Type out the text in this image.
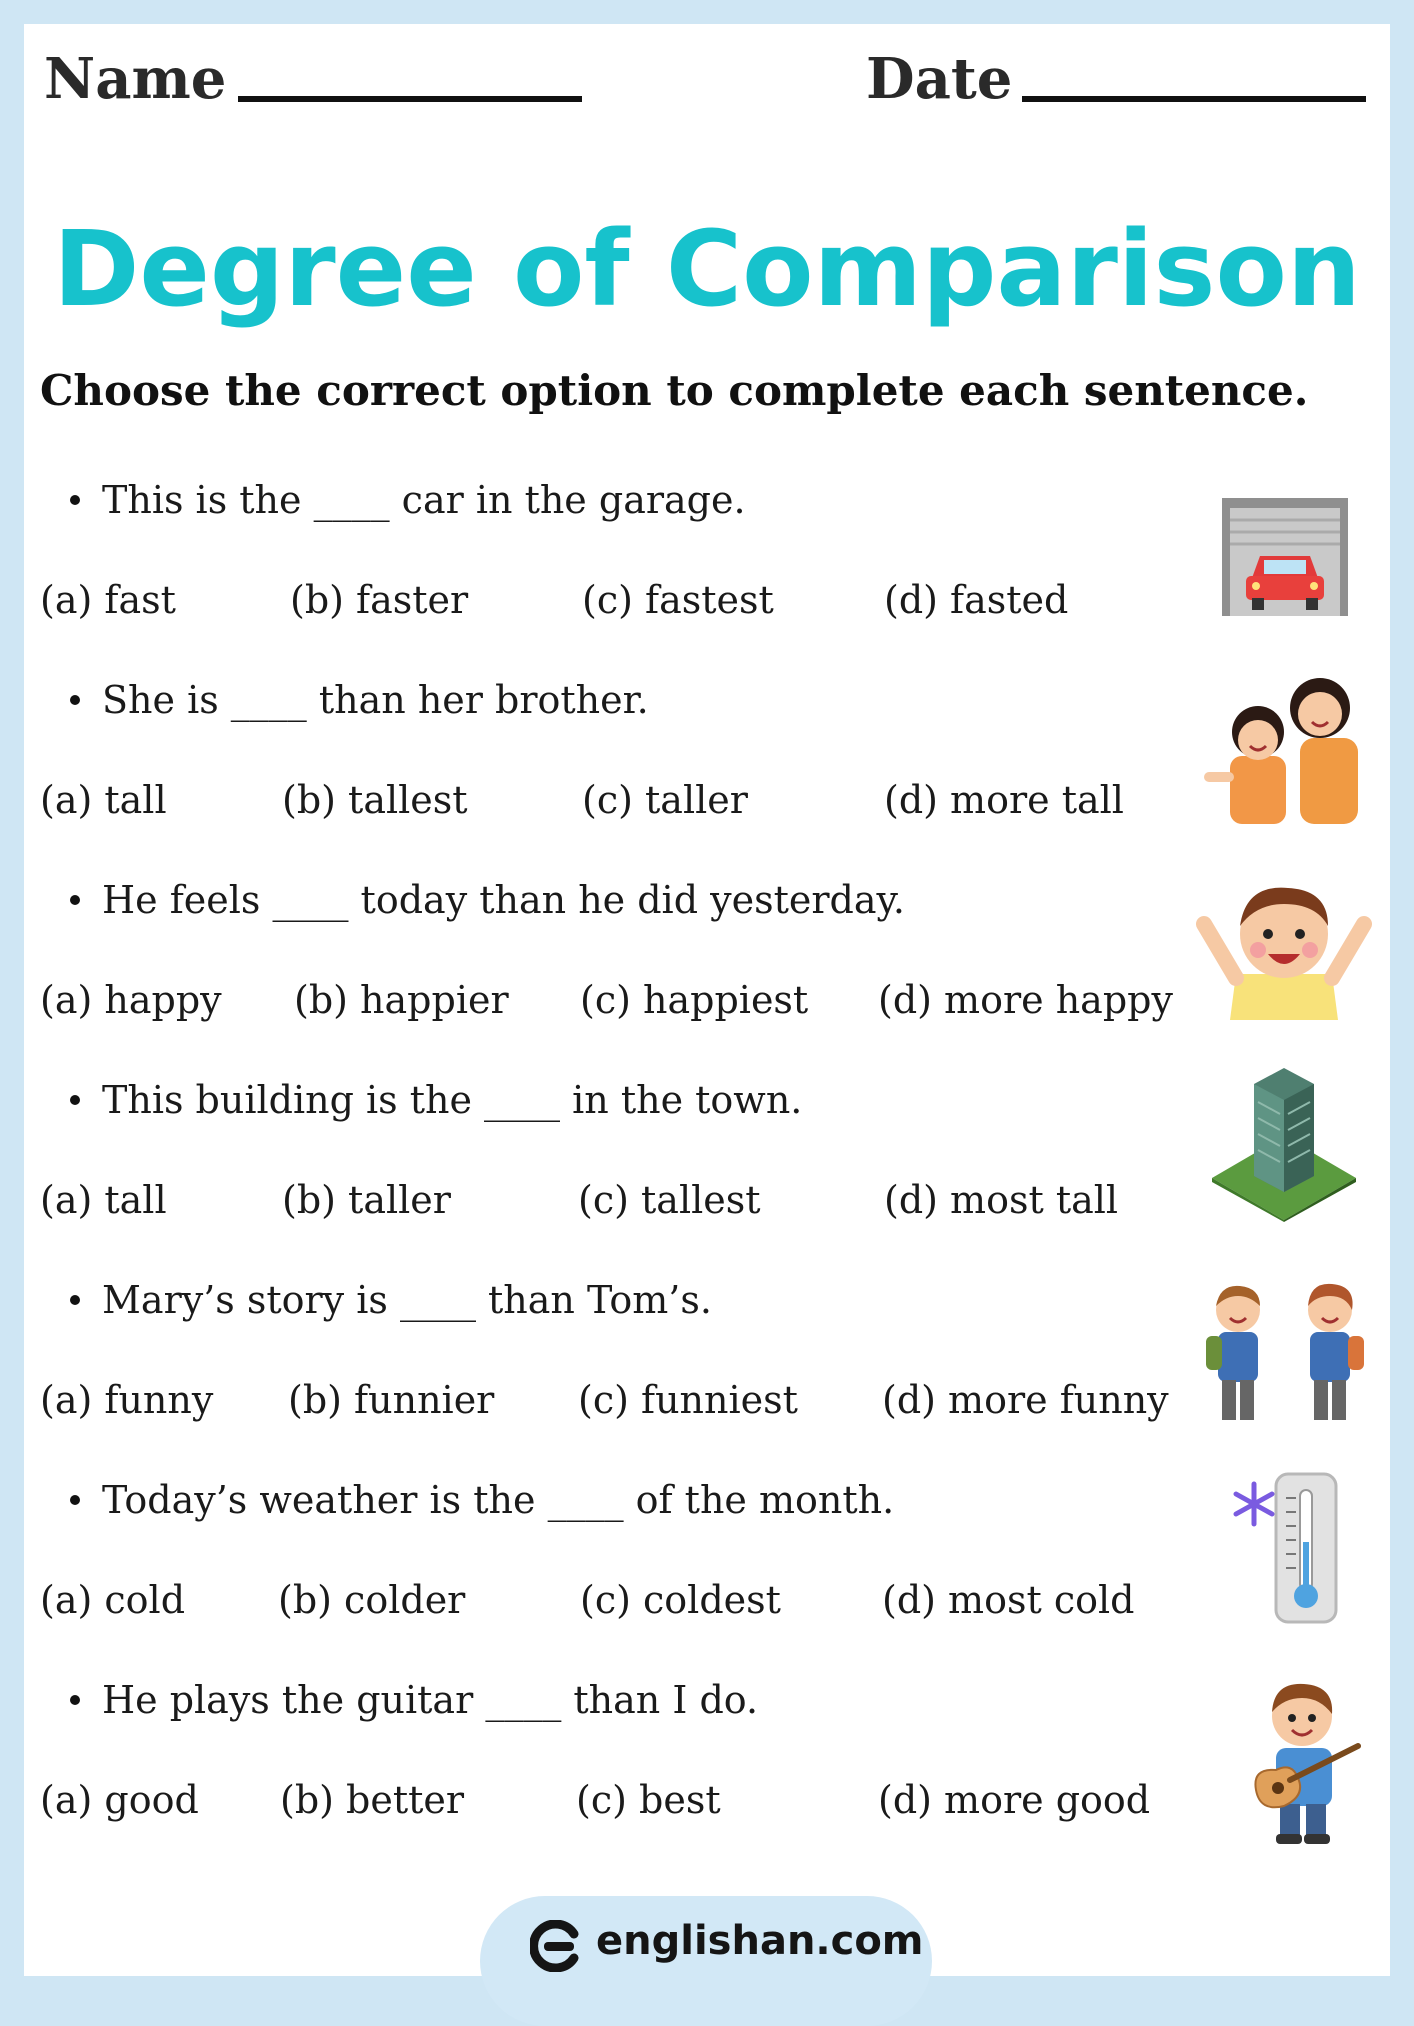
Name	Date
Degree of Comparison
Choose the correct option to complete each sentence.
This is the ____ car in the garage.
(a) fast	(b) faster	(c) fastest	(d) fasted
She is ____ than her brother.
(a) tall	(b) tallest	(c) taller	(d) more tall
He feels ____ today than he did yesterday.
(a) happy (b) happier (c) happiest (d) more happy
This building is the ____ in the town.
(a) tall	(b) taller	(c) tallest	(d) most tall
Mary’s story is ____ than Tom’s.
(a) funny (b) funnier (c) funniest (d) more funny
Today’s weather is the ____ of the month.
(a) cold (b) colder	(c) coldest	(d) most cold
He plays the guitar ____ than I do.
(a) good (b) better	(c) best	(d) more good
englishan.com
